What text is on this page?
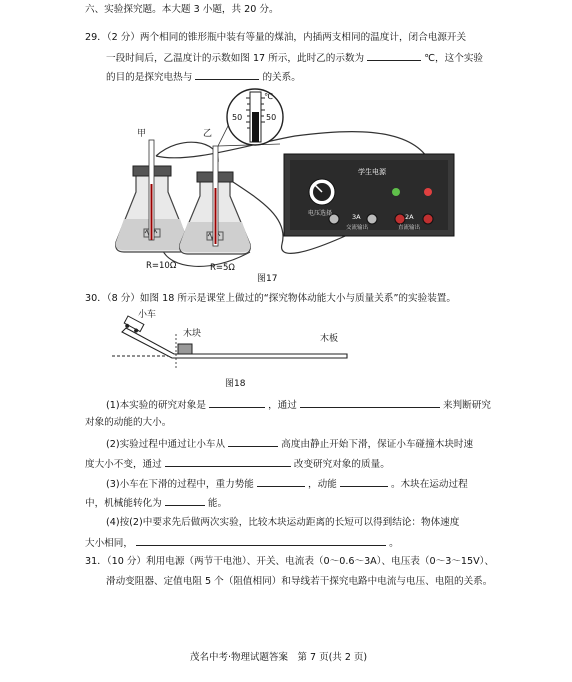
六、实验探究题。本大题 3 小题，共 20 分。
29．（2 分）两个相同的锥形瓶中装有等量的煤油，内插两支相同的温度计，闭合电源开关
一段时间后，乙温度计的示数如图 17 所示，此时乙的示数为	℃，这个实验
的目的是探究电热与	的关系。
甲	乙
℃
50	50
R=10Ω	R=5Ω
学生电源
电压选择	3A
交流输出
2A
直流输出
图17
30．（8 分）如图 18 所示是课堂上做过的“探究物体动能大小与质量关系”的实验装置。
小车
木块	木板
图18
(1)本实验的研究对象是	，通过	来判断研究
对象的动能的大小。
(2)实验过程中通过让小车从	高度由静止开始下滑，保证小车碰撞木块时速
度大小不变，通过	改变研究对象的质量。
(3)小车在下滑的过程中，重力势能	，动能	。木块在运动过程
中，机械能转化为	能。
(4)按(2)中要求先后做两次实验，比较木块运动距离的长短可以得到结论：物体速度
大小相同，	。
31．（10 分）利用电源（两节干电池）、开关、电流表（0～0.6～3A）、电压表（0～3～15V）、
滑动变阻器、定值电阻 5 个（阻值相同）和导线若干探究电路中电流与电压、电阻的关系。
茂名中考·物理试题答案　第 7 页(共 2 页)
